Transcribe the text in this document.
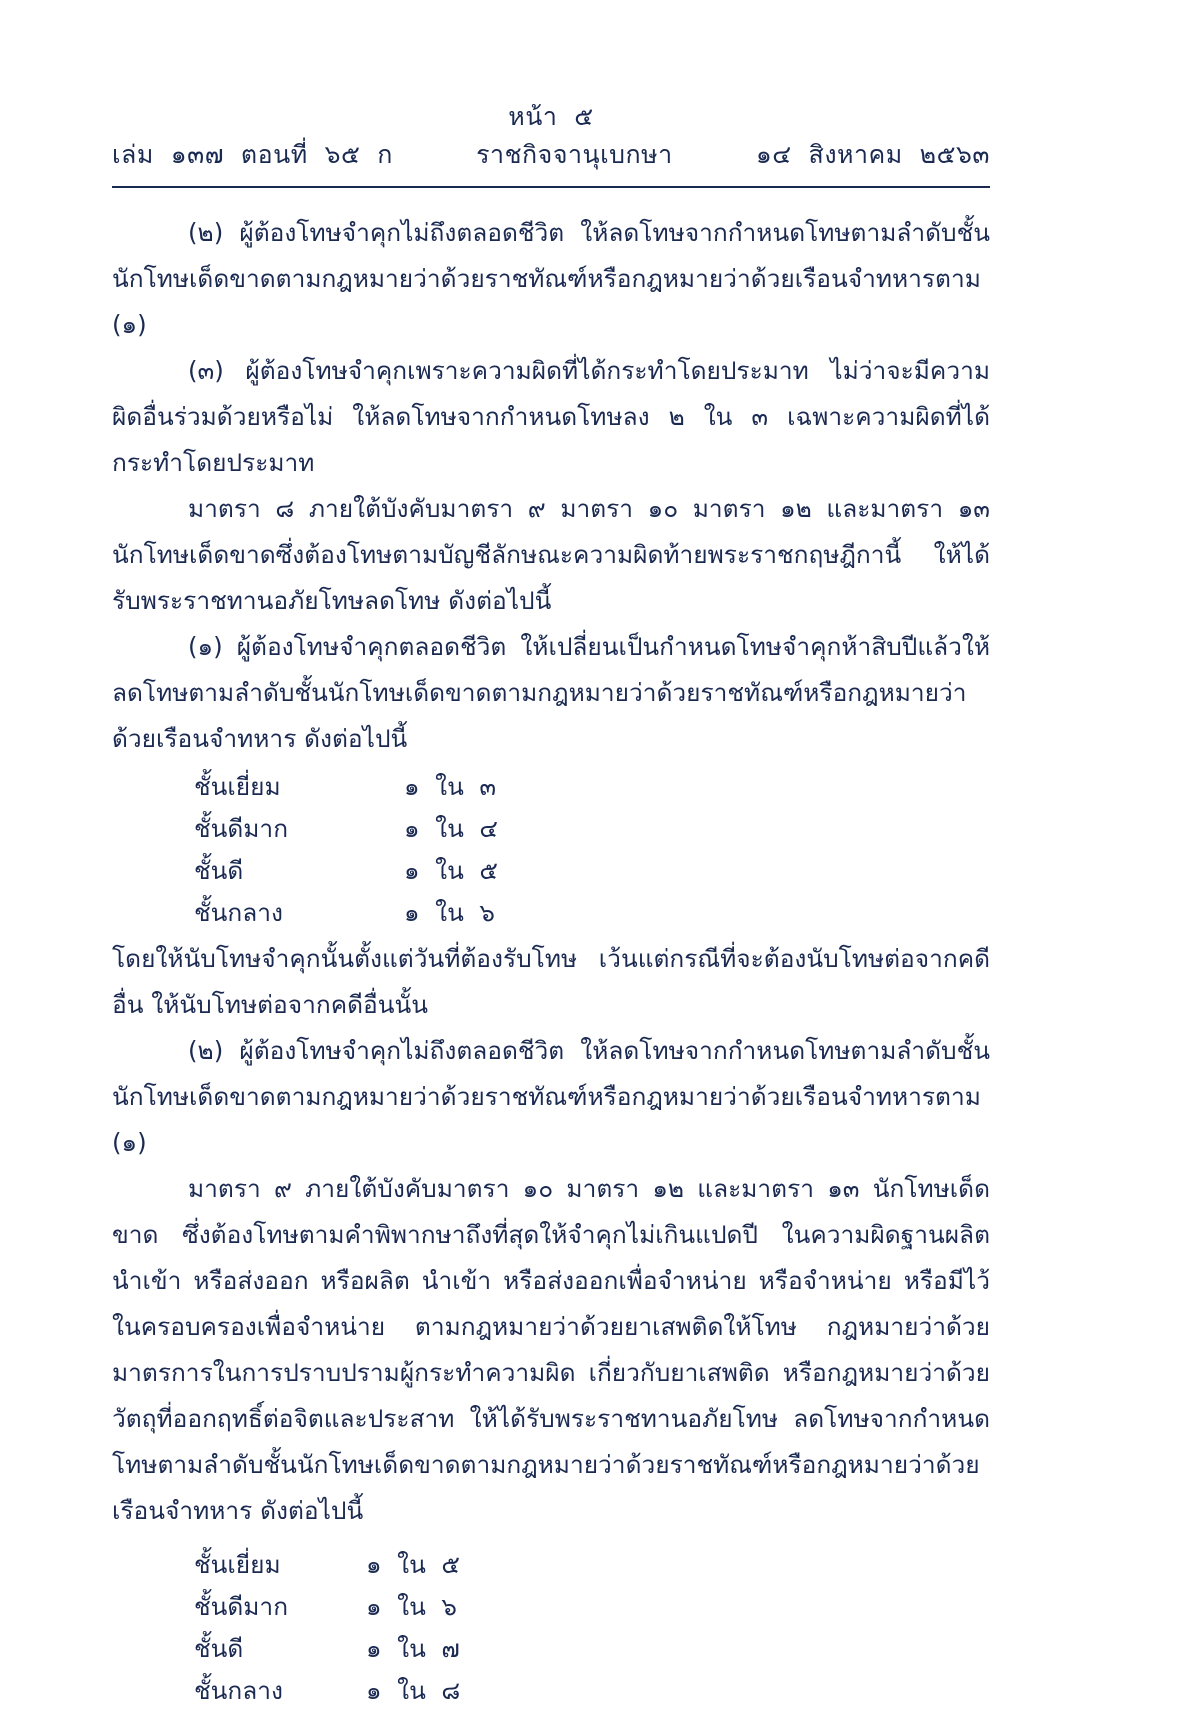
หน้า  ๕
เล่ม  ๑๓๗  ตอนที่  ๖๕  ก	ราชกิจจานุเบกษา	๑๔  สิงหาคม  ๒๕๖๓

(๒) ผู้ต้องโทษจำคุกไม่ถึงตลอดชีวิต ให้ลดโทษจากกำหนดโทษตามลำดับชั้นนักโทษเด็ดขาดตามกฎหมายว่าด้วยราชทัณฑ์หรือกฎหมายว่าด้วยเรือนจำทหารตาม (๑)

(๓) ผู้ต้องโทษจำคุกเพราะความผิดที่ได้กระทำโดยประมาท ไม่ว่าจะมีความผิดอื่นร่วมด้วยหรือไม่ ให้ลดโทษจากกำหนดโทษลง ๒ ใน ๓ เฉพาะความผิดที่ได้กระทำโดยประมาท

มาตรา ๘ ภายใต้บังคับมาตรา ๙ มาตรา ๑๐ มาตรา ๑๒ และมาตรา ๑๓ นักโทษเด็ดขาดซึ่งต้องโทษตามบัญชีลักษณะความผิดท้ายพระราชกฤษฎีกานี้ ให้ได้รับพระราชทานอภัยโทษลดโทษ ดังต่อไปนี้

(๑) ผู้ต้องโทษจำคุกตลอดชีวิต ให้เปลี่ยนเป็นกำหนดโทษจำคุกห้าสิบปีแล้วให้ลดโทษตามลำดับชั้นนักโทษเด็ดขาดตามกฎหมายว่าด้วยราชทัณฑ์หรือกฎหมายว่าด้วยเรือนจำทหาร ดังต่อไปนี้

ชั้นเยี่ยม	๑  ใน  ๓
ชั้นดีมาก	๑  ใน  ๔
ชั้นดี	๑  ใน  ๕
ชั้นกลาง	๑  ใน  ๖

โดยให้นับโทษจำคุกนั้นตั้งแต่วันที่ต้องรับโทษ เว้นแต่กรณีที่จะต้องนับโทษต่อจากคดีอื่น ให้นับโทษต่อจากคดีอื่นนั้น

(๒) ผู้ต้องโทษจำคุกไม่ถึงตลอดชีวิต ให้ลดโทษจากกำหนดโทษตามลำดับชั้นนักโทษเด็ดขาดตามกฎหมายว่าด้วยราชทัณฑ์หรือกฎหมายว่าด้วยเรือนจำทหารตาม (๑)

มาตรา ๙ ภายใต้บังคับมาตรา ๑๐ มาตรา ๑๒ และมาตรา ๑๓ นักโทษเด็ดขาด ซึ่งต้องโทษตามคำพิพากษาถึงที่สุดให้จำคุกไม่เกินแปดปี ในความผิดฐานผลิต นำเข้า หรือส่งออก หรือผลิต นำเข้า หรือส่งออกเพื่อจำหน่าย หรือจำหน่าย หรือมีไว้ในครอบครองเพื่อจำหน่าย ตามกฎหมายว่าด้วยยาเสพติดให้โทษ กฎหมายว่าด้วยมาตรการในการปราบปรามผู้กระทำความผิด เกี่ยวกับยาเสพติด หรือกฎหมายว่าด้วยวัตถุที่ออกฤทธิ์ต่อจิตและประสาท ให้ได้รับพระราชทานอภัยโทษ ลดโทษจากกำหนดโทษตามลำดับชั้นนักโทษเด็ดขาดตามกฎหมายว่าด้วยราชทัณฑ์หรือกฎหมายว่าด้วย เรือนจำทหาร ดังต่อไปนี้

ชั้นเยี่ยม	๑  ใน  ๕
ชั้นดีมาก	๑  ใน  ๖
ชั้นดี	๑  ใน  ๗
ชั้นกลาง	๑  ใน  ๘
